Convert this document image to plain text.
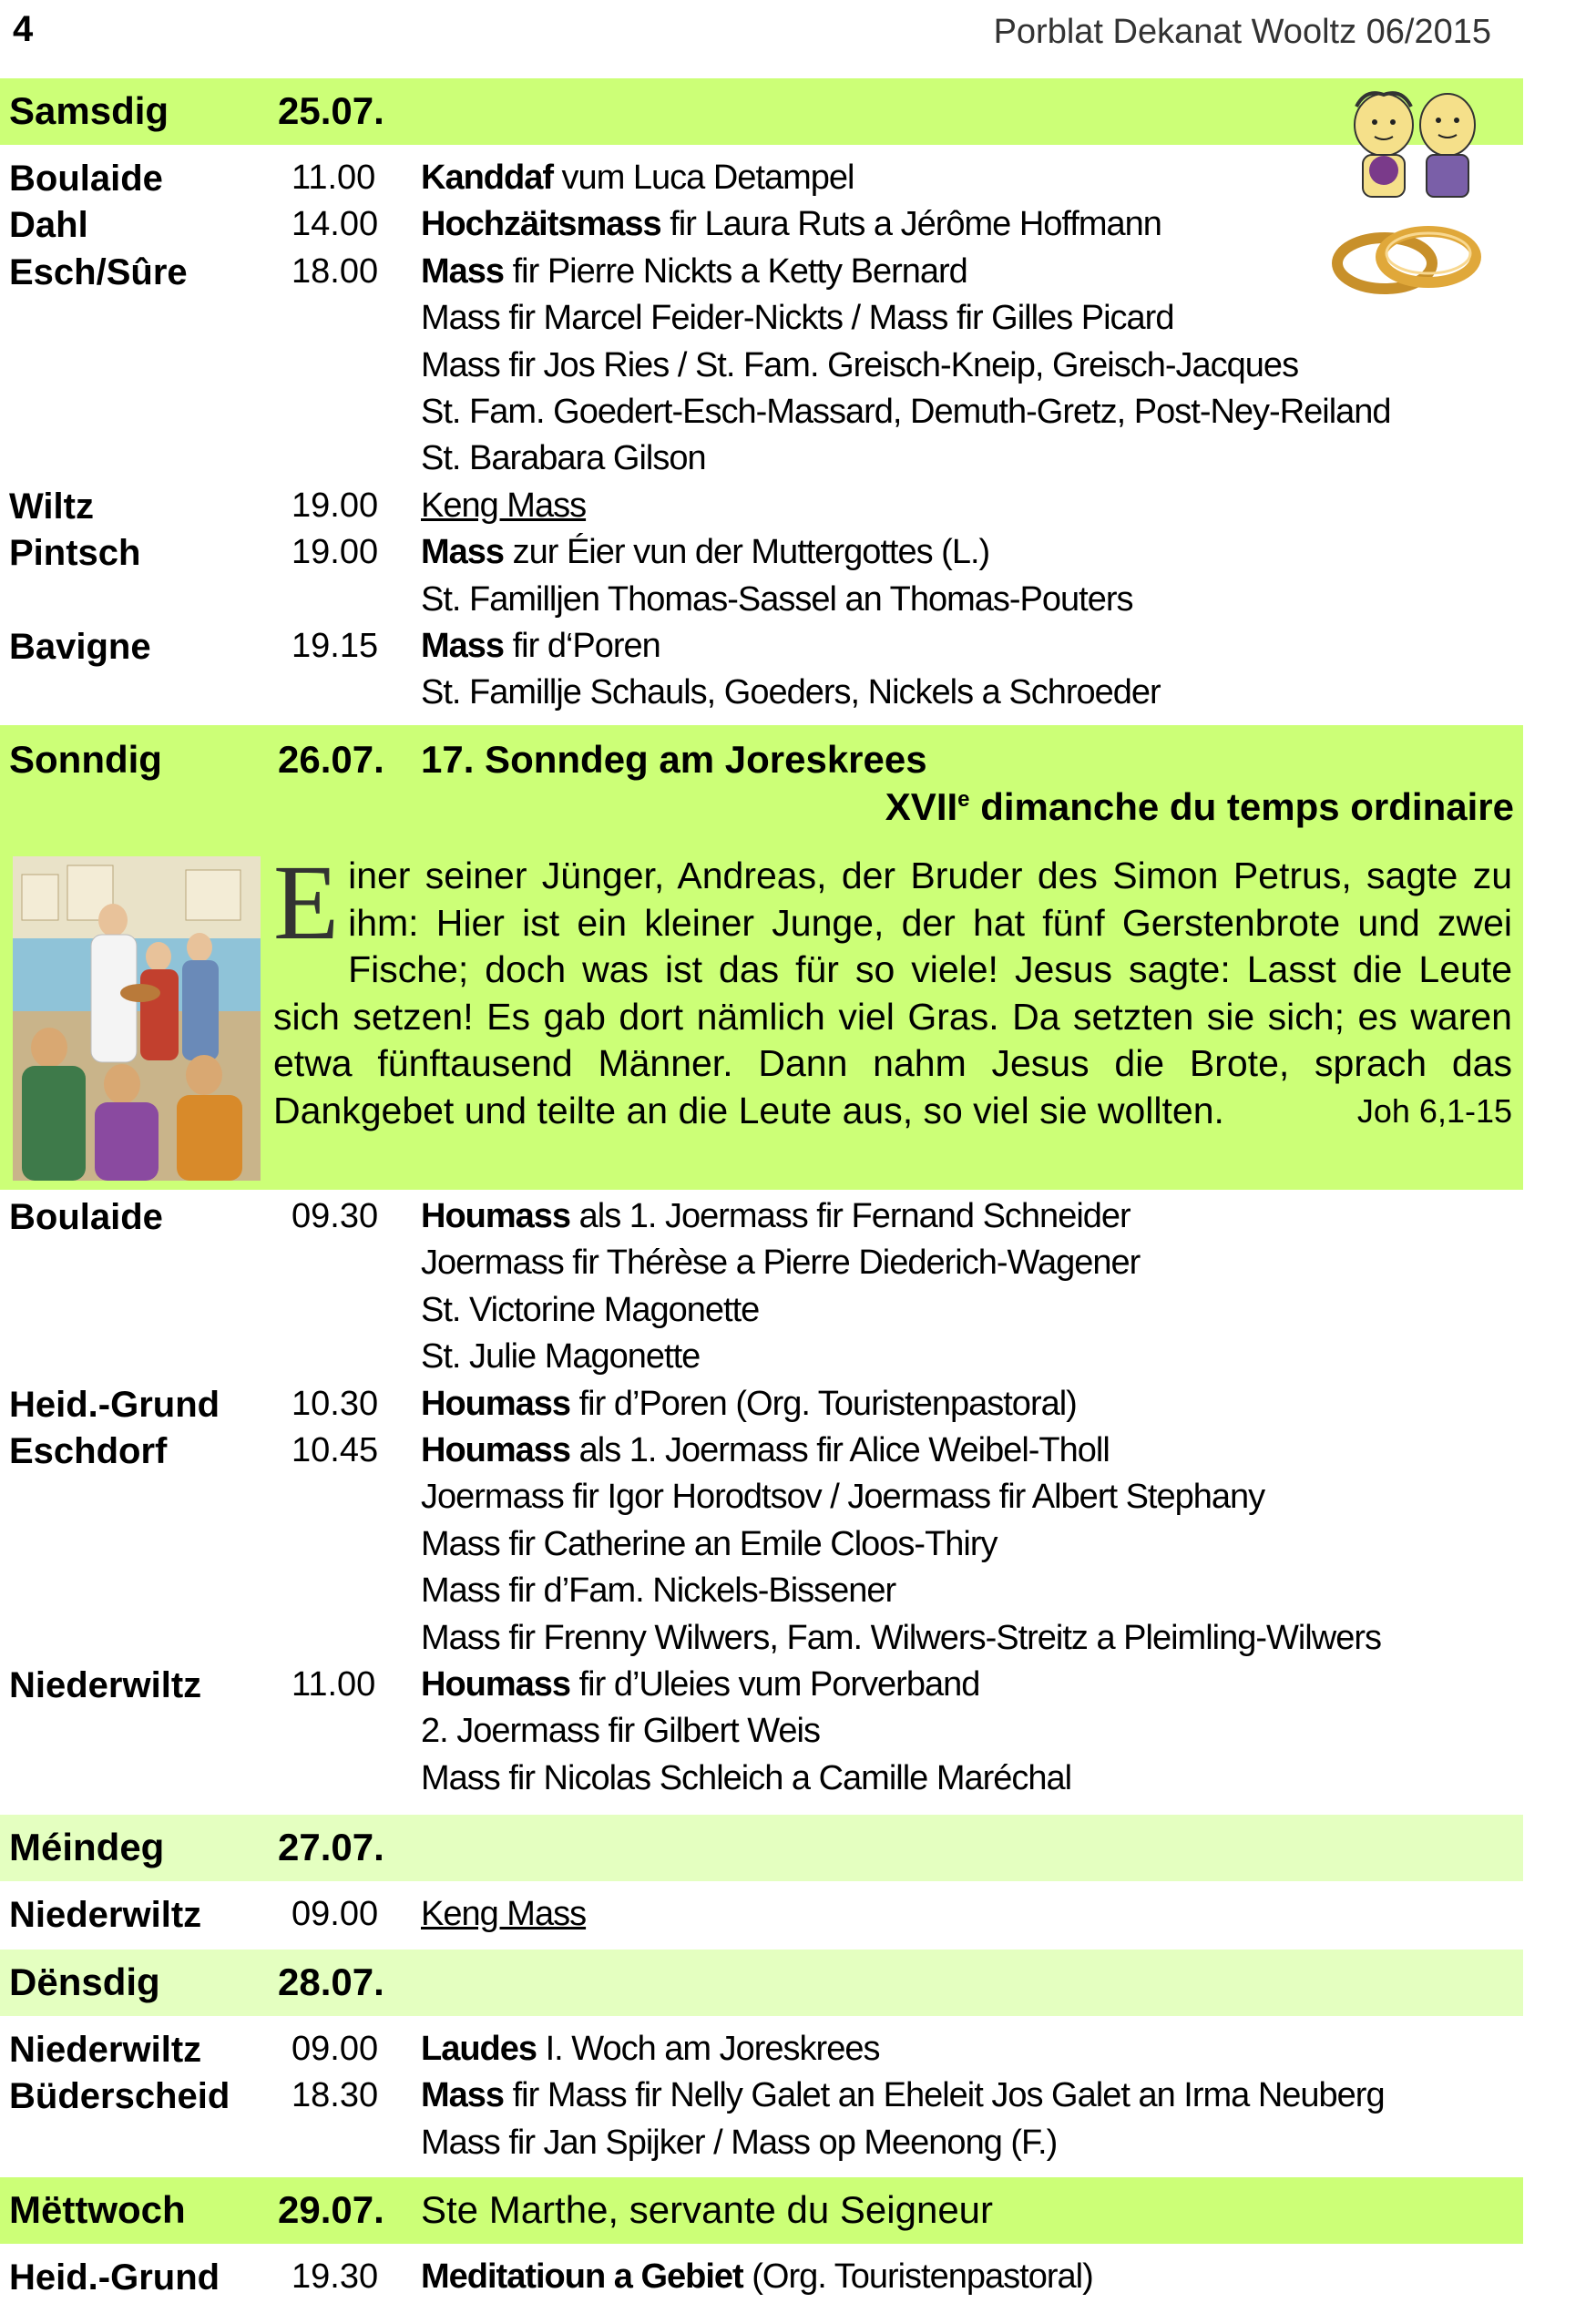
4	Porblat Dekanat Wooltz 06/2015
Samsdig	25.07.
Boulaide	11.00 Kanddaf vum Luca Detampel
Dahl	14.00 Hochzäitsmass fir Laura Ruts a Jérôme Hoffmann
Esch/Sûre	18.00 Mass fir Pierre Nickts a Ketty Bernard
Mass fir Marcel Feider-Nickts / Mass fir Gilles Picard
Mass fir Jos Ries / St. Fam. Greisch-Kneip, Greisch-Jacques
St. Fam. Goedert-Esch-Massard, Demuth-Gretz, Post-Ney-Reiland
St. Barabara Gilson
Wiltz	19.00 Keng Mass
Pintsch	19.00 Mass zur Éier vun der Muttergottes (L.)
St. Familljen Thomas-Sassel an Thomas-Pouters
Bavigne	19.15 Mass fir d‘Poren
St. Famillje Schauls, Goeders, Nickels a Schroeder
Sonndig	26.07. 17. Sonndeg am Joreskrees
XVIIe dimanche du temps ordinaire
Einer seiner Jünger, Andreas, der Bruder des Simon Petrus, sagte zu ihm: Hier ist ein kleiner Junge, der hat fünf Gerstenbrote und zwei Fische; doch was ist das für so viele! Jesus sagte: Lasst die Leute sich setzen! Es gab dort nämlich viel Gras. Da setzten sie sich; es waren etwa fünftausend Männer. Dann nahm Jesus die Brote, sprach das Dankgebet und teilte an die Leute aus, so viel sie wollten.	Joh 6,1-15
Boulaide	09.30 Houmass als 1. Joermass fir Fernand Schneider
Joermass fir Thérèse a Pierre Diederich-Wagener
St. Victorine Magonette
St. Julie Magonette
Heid.-Grund 10.30 Houmass fir d’Poren (Org. Touristenpastoral)
Eschdorf	10.45 Houmass als 1. Joermass fir Alice Weibel-Tholl
Joermass fir Igor Horodtsov / Joermass fir Albert Stephany
Mass fir Catherine an Emile Cloos-Thiry
Mass fir d’Fam. Nickels-Bissener
Mass fir Frenny Wilwers, Fam. Wilwers-Streitz a Pleimling-Wilwers
Niederwiltz	11.00 Houmass fir d’Uleies vum Porverband
2. Joermass fir Gilbert Weis
Mass fir Nicolas Schleich a Camille Maréchal
Méindeg	27.07.
Niederwiltz	09.00 Keng Mass
Dënsdig	28.07.
Niederwiltz	09.00 Laudes I. Woch am Joreskrees
Büderscheid 18.30 Mass fir Mass fir Nelly Galet an Eheleit Jos Galet an Irma Neuberg
Mass fir Jan Spijker / Mass op Meenong (F.)
Mëttwoch 29.07. Ste Marthe, servante du Seigneur
Heid.-Grund 19.30 Meditatioun a Gebiet (Org. Touristenpastoral)
